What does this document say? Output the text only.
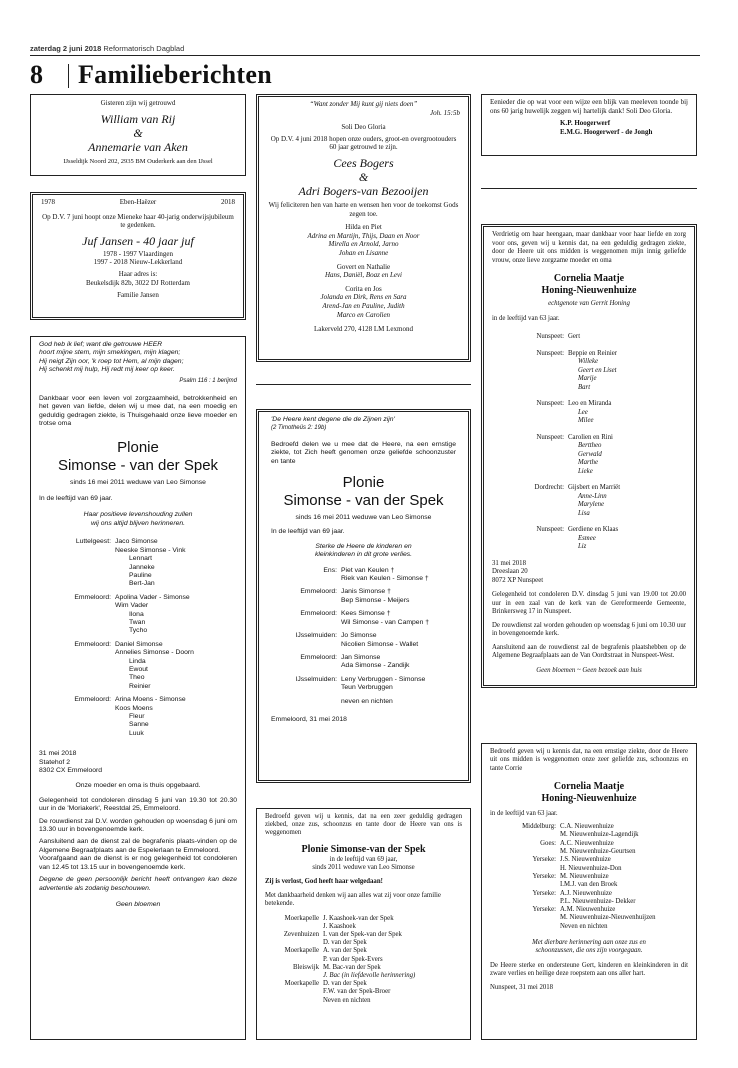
zaterdag 2 juni 2018 Reformatorisch Dagblad
8 Familieberichten
Gisteren zijn wij getrouwd
William van Rij
&
Annemarie van Aken
IJsseldijk Noord 202, 2935 BM Ouderkerk aan den IJssel
1978	Eben-Haëzer	2018
Op D.V. 7 juni hoopt onze Mieneke haar 40-jarig onderwijsjubileum te gedenken.
Juf Jansen - 40 jaar juf
1978 - 1997 Vlaardingen
1997 - 2018 Nieuw-Lekkerland
Haar adres is:
Beukelsdijk 82b, 3022 DJ Rotterdam
Familie Jansen
“Want zonder Mij kunt gij niets doen”
Joh. 15:5b
Soli Deo Gloria
Op D.V. 4 juni 2018 hopen onze ouders, groot-en overgrootouders 60 jaar getrouwd te zijn.
Cees Bogers
&
Adri Bogers-van Bezooijen
Wij feliciteren hen van harte en wensen hen voor de toekomst Gods zegen toe.
Hilda en Piet
Adrina en Martijn, Thijs, Daan en Noor
Mirella en Arnold, Jarno
Johan en Lisanne
Govert en Nathalie
Hans, Daniël, Boaz en Levi
Corita en Jos
Jolanda en Dirk, Rens en Sara
Arend-Jan en Pauline, Judith
Marco en Carolien
Lakerveld 270, 4128 LM Lexmond
Eenieder die op wat voor een wijze een blijk van meeleven toonde bij ons 60 jarig huwelijk zeggen wij hartelijk dank! Soli Deo Gloria.
K.P. Hoogerwerf
E.M.G. Hoogerwerf - de Jongh
God heb ik lief; want die getrouwe HEER
hoort mijne stem, mijn smekingen, mijn klagen;
Hij neigt Zijn oor, 'k roep tot Hem, al mijn dagen;
Hij schenkt mij hulp, Hij redt mij keer op keer.
Psalm 116 : 1 berijmd
Dankbaar voor een leven vol zorgzaamheid, betrokkenheid en het geven van liefde, delen wij u mee dat, na een moedig en geduldig gedragen ziekte, is Thuisgehaald onze lieve moeder en trotse oma
Plonie
Simonse - van der Spek
sinds 16 mei 2011 weduwe van Leo Simonse
In de leeftijd van 69 jaar.
Haar positieve levenshouding zullen
wij ons altijd blijven herinneren.
Luttelgeest: Jaco Simonse
Neeske Simonse - Vink
Lennart
Janneke
Pauline
Bert-Jan
Emmeloord: Apolina Vader - Simonse
Wim Vader
Ilona
Twan
Tycho
Emmeloord: Daniel Simonse
Annelies Simonse - Doorn
Linda
Ewout
Theo
Reinier
Emmeloord: Arina Moens - Simonse
Koos Moens
Fleur
Sanne
Luuk
31 mei 2018
Statehof 2
8302 CX Emmeloord
Onze moeder en oma is thuis opgebaard.
Gelegenheid tot condoleren dinsdag 5 juni van 19.30 tot 20.30 uur in de 'Moriakerk', Reestdal 25, Emmeloord.
De rouwdienst zal D.V. worden gehouden op woensdag 6 juni om 13.30 uur in bovengenoemde kerk.
Aansluitend aan de dienst zal de begrafenis plaats-vinden op de Algemene Begraafplaats aan de Espelerlaan te Emmeloord.
Voorafgaand aan de dienst is er nog gelegenheid tot condoleren van 12.45 tot 13.15 uur in bovengenoemde kerk.
Degene de geen persoonlijk bericht heeft ontvangen kan deze advertentie als zodanig beschouwen.
Geen bloemen
'De Heere kent degene die de Zijnen zijn'
(2 Timotheüs 2: 19b)
Bedroefd delen we u mee dat de Heere, na een ernstige ziekte, tot Zich heeft genomen onze geliefde schoonzuster en tante
Plonie
Simonse - van der Spek
sinds 16 mei 2011 weduwe van Leo Simonse
In de leeftijd van 69 jaar.
Sterke de Heere de kinderen en
kleinkinderen in dit grote verlies.
Ens: Piet van Keulen †
Riek van Keulen - Simonse †
Emmeloord: Janis Simonse †
Bep Simonse - Meijers
Emmeloord: Kees Simonse †
Wil Simonse - van Campen †
IJsselmuiden: Jo Simonse
Nicolien Simonse - Wallet
Emmeloord: Jan Simonse
Ada Simonse - Zandijk
IJsselmuiden: Leny Verbruggen - Simonse
Teun Verbruggen
neven en nichten
Emmeloord, 31 mei 2018
Bedroefd geven wij u kennis, dat na een zeer geduldig gedragen ziekbed, onze zus, schoonzus en tante door de Heere van ons is weggenomen
Plonie Simonse-van der Spek
in de leeftijd van 69 jaar,
sinds 2011 weduwe van Leo Simonse
Zij is verlost, God heeft haar welgedaan!
Met dankbaarheid denken wij aan alles wat zij voor onze familie betekende.
Moerkapelle J. Kaashoek-van der Spek
J. Kaashoek
Zevenhuizen I. van der Spek-van der Spek
D. van der Spek
Moerkapelle A. van der Spek
P. van der Spek-Evers
Bleiswijk M. Bac-van der Spek
J. Bac (in liefdevolle herinnering)
Moerkapelle D. van der Spek
F.W. van der Spek-Broer
Neven en nichten
Verdrietig om haar heengaan, maar dankbaar voor haar liefde en zorg voor ons, geven wij u kennis dat, na een geduldig gedragen ziekte, door de Heere uit ons midden is weggenomen mijn innig geliefde vrouw, onze lieve zorgzame moeder en oma
Cornelia Maatje
Honing-Nieuwenhuize
echtgenote van Gerrit Honing
in de leeftijd van 63 jaar.
Nunspeet: Gert
Nunspeet: Beppie en Reinier
Willeke
Geert en Liset
Marije
Bart
Nunspeet: Leo en Miranda
Lee
Milee
Nunspeet: Carolien en Rini
Berttheo
Gerwald
Marthe
Lieke
Dordrecht: Gijsbert en Marriët
Anne-Linn
Marylene
Lisa
Nunspeet: Gerdiene en Klaas
Esmee
Liz
31 mei 2018
Dreeslaan 20
8072 XP Nunspeet
Gelegenheid tot condoleren D.V. dinsdag 5 juni van 19.00 tot 20.00 uur in een zaal van de kerk van de Gereformeerde Gemeente, Brinkersweg 17 in Nunspeet.
De rouwdienst zal worden gehouden op woensdag 6 juni om 10.30 uur in bovengenoemde kerk.
Aansluitend aan de rouwdienst zal de begrafenis plaatshebben op de Algemene Begraafplaats aan de Van Oordtstraat in Nunspeet-West.
Geen bloemen ~ Geen bezoek aan huis
Bedroefd geven wij u kennis dat, na een ernstige ziekte, door de Heere uit ons midden is weggenomen onze zeer geliefde zus, schoonzus en tante Corrie
Cornelia Maatje
Honing-Nieuwenhuize
in de leeftijd van 63 jaar.
Middelburg: C.A. Nieuwenhuize
M. Nieuwenhuize-Lagendijk
Goes: A.C. Nieuwenhuize
M. Nieuwenhuize-Geurtsen
Yerseke: J.S. Nieuwenhuize
H. Nieuwenhuize-Don
Yerseke: M. Nieuwenhuize
I.M.J. van den Broek
Yerseke: A.J. Nieuwenhuize
P.L. Nieuwenhuize- Dekker
Yerseke: A.M. Nieuwenhuize
M. Nieuwenhuize-Nieuwenhuijzen
Neven en nichten
Met dierbare herinnering aan onze zus en
schoonzussen, die ons zijn voorgegaan.
De Heere sterke en ondersteune Gert, kinderen en kleinkinderen in dit zware verlies en heilige deze roepstem aan ons aller hart.
Nunspeet, 31 mei 2018
